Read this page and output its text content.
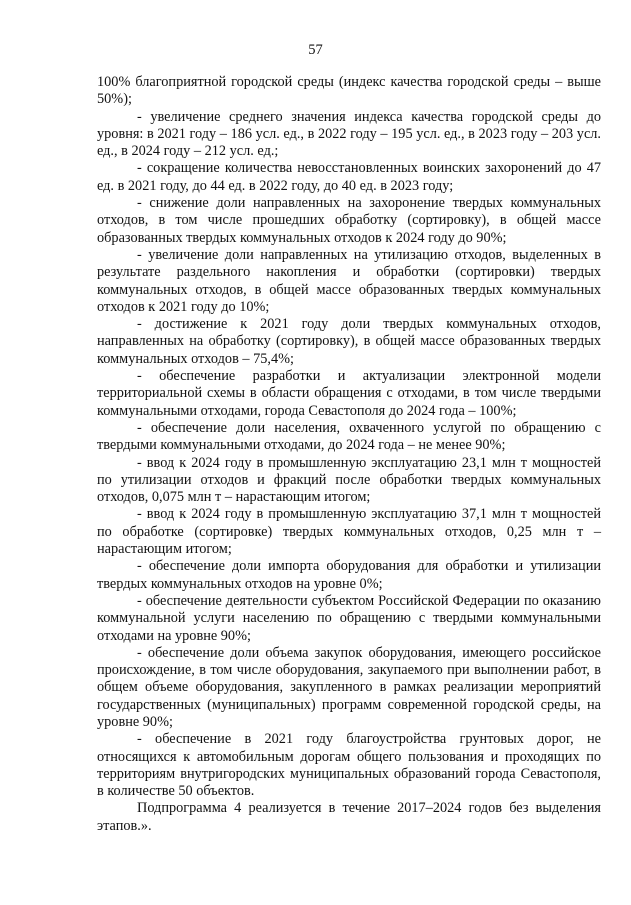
57

100% благоприятной городской среды (индекс качества городской среды – выше 50%);

- увеличение среднего значения индекса качества городской среды до уровня: в 2021 году – 186 усл. ед., в 2022 году – 195 усл. ед., в 2023 году – 203 усл. ед., в 2024 году – 212 усл. ед.;

- сокращение количества невосстановленных воинских захоронений до 47 ед. в 2021 году, до 44 ед. в 2022 году, до 40 ед. в 2023 году;

- снижение доли направленных на захоронение твердых коммунальных отходов, в том числе прошедших обработку (сортировку), в общей массе образованных твердых коммунальных отходов к 2024 году до 90%;

- увеличение доли направленных на утилизацию отходов, выделенных в результате раздельного накопления и обработки (сортировки) твердых коммунальных отходов, в общей массе образованных твердых коммунальных отходов к 2021 году до 10%;

- достижение к 2021 году доли твердых коммунальных отходов, направленных на обработку (сортировку), в общей массе образованных твердых коммунальных отходов – 75,4%;

- обеспечение разработки и актуализации электронной модели территориальной схемы в области обращения с отходами, в том числе твердыми коммунальными отходами, города Севастополя до 2024 года – 100%;

- обеспечение доли населения, охваченного услугой по обращению с твердыми коммунальными отходами, до 2024 года – не менее 90%;

- ввод к 2024 году в промышленную эксплуатацию 23,1 млн т мощностей по утилизации отходов и фракций после обработки твердых коммунальных отходов, 0,075 млн т – нарастающим итогом;

- ввод к 2024 году в промышленную эксплуатацию 37,1 млн т мощностей по обработке (сортировке) твердых коммунальных отходов, 0,25 млн т – нарастающим итогом;

- обеспечение доли импорта оборудования для обработки и утилизации твердых коммунальных отходов на уровне 0%;

- обеспечение деятельности субъектом Российской Федерации по оказанию коммунальной услуги населению по обращению с твердыми коммунальными отходами на уровне 90%;

- обеспечение доли объема закупок оборудования, имеющего российское происхождение, в том числе оборудования, закупаемого при выполнении работ, в общем объеме оборудования, закупленного в рамках реализации мероприятий государственных (муниципальных) программ современной городской среды, на уровне 90%;

- обеспечение в 2021 году благоустройства грунтовых дорог, не относящихся к автомобильным дорогам общего пользования и проходящих по территориям внутригородских муниципальных образований города Севастополя, в количестве 50 объектов.

Подпрограмма 4 реализуется в течение 2017–2024 годов без выделения этапов.».
